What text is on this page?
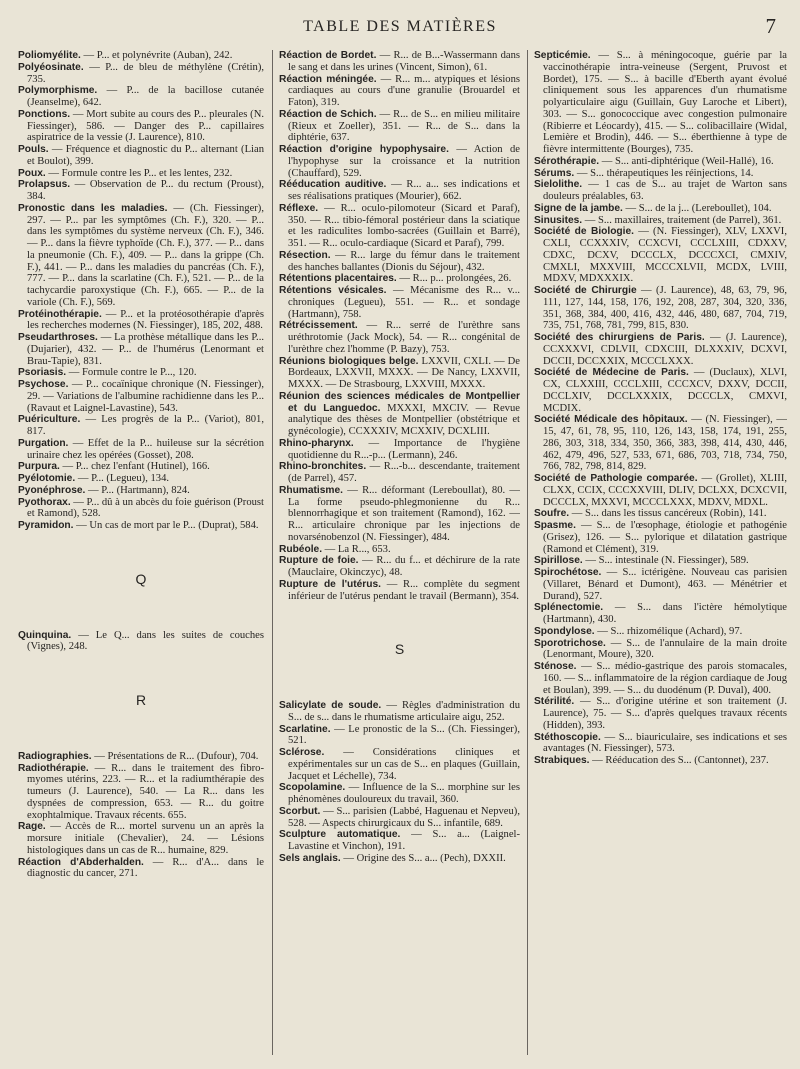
TABLE DES MATIÈRES	7

Poliomyélite. — P... et polynévrite (Auban), 242.

Polyéosinate. — P... de bleu de méthylène (Crétin), 735.

Polymorphisme. — P... de la bacillose cutanée (Jeanselme), 642.

Ponctions. — Mort subite au cours des P... pleurales (N. Fiessinger), 586. — Danger des P... capillaires aspiratrice de la vessie (J. Laurence), 810.

Pouls. — Fréquence et diagnostic du P... alternant (Lian et Boulot), 399.

Poux. — Formule contre les P... et les lentes, 232.

Prolapsus. — Observation de P... du rectum (Proust), 384.

Pronostic dans les maladies. — (Ch. Fiessinger), 297. — P... par les symptômes (Ch. F.), 320. — P... dans les symptômes du système nerveux (Ch. F.), 346. — P... dans la fièvre typhoïde (Ch. F.), 377. — P... dans la pneumonie (Ch. F.), 409. — P... dans la grippe (Ch. F.), 441. — P... dans les maladies du pancréas (Ch. F.), 777. — P... dans la scarlatine (Ch. F.), 521. — P... de la tachycardie paroxystique (Ch. F.), 665. — P... de la variole (Ch. F.), 569.

Protéinothérapie. — P... et la protéosothérapie d'après les recherches modernes (N. Fiessinger), 185, 202, 488.

Pseudarthroses. — La prothèse métallique dans les P... (Dujarier), 432. — P... de l'humérus (Lenormant et Brau-Tapie), 831.

Psoriasis. — Formule contre le P..., 120.

Psychose. — P... cocaïnique chronique (N. Fiessinger), 29. — Variations de l'albumine rachidienne dans les P... (Ravaut et Laignel-Lavastine), 543.

Puériculture. — Les progrès de la P... (Variot), 801, 817.

Purgation. — Effet de la P... huileuse sur la sécrétion urinaire chez les opérées (Gosset), 208.

Purpura. — P... chez l'enfant (Hutinel), 166.

Pyélotomie. — P... (Legueu), 134.

Pyonéphrose. — P... (Hartmann), 824.

Pyothorax. — P... dû à un abcès du foie guérison (Proust et Ramond), 528.

Pyramidon. — Un cas de mort par le P... (Duprat), 584.

Q

Quinquina. — Le Q... dans les suites de couches (Vignes), 248.

R

Radiographies. — Présentations de R... (Dufour), 704.

Radiothérapie. — R... dans le traitement des fibro-myomes utérins, 223. — R... et la radiumthérapie des tumeurs (J. Laurence), 540. — La R... dans les dyspnées de compression, 653. — R... du goitre exophtalmique. Travaux récents. 655.

Rage. — Accès de R... mortel survenu un an après la morsure initiale (Chevalier), 24. — Lésions histologiques dans un cas de R... humaine, 829.

Réaction d'Abderhalden. — R... d'A... dans le diagnostic du cancer, 271.

Réaction de Bordet. — R... de B...-Wassermann dans le sang et dans les urines (Vincent, Simon), 61.

Réaction méningée. — R... m... atypiques et lésions cardiaques au cours d'une granulie (Brouardel et Faton), 319.

Réaction de Schich. — R... de S... en milieu militaire (Rieux et Zoeller), 351. — R... de S... dans la diphtérie, 637.

Réaction d'origine hypophysaire. — Action de l'hypophyse sur la croissance et la nutrition (Chauffard), 529.

Rééducation auditive. — R... a... ses indications et ses réalisations pratiques (Mourier), 662.

Réflexe. — R... oculo-pilomoteur (Sicard et Paraf), 350. — R... tibio-fémoral postérieur dans la sciatique et les radiculites lombo-sacrées (Guillain et Barré), 351. — R... oculo-cardiaque (Sicard et Paraf), 799.

Résection. — R... large du fémur dans le traitement des hanches ballantes (Dionis du Séjour), 432.

Rétentions placentaires. — R... p... prolongées, 26.

Rétentions vésicales. — Mécanisme des R... v... chroniques (Legueu), 551. — R... et sondage (Hartmann), 758.

Rétrécissement. — R... serré de l'urèthre sans uréthrotomie (Jack Mock), 54. — R... congénital de l'urèthre chez l'homme (P. Bazy), 753.

Réunions biologiques belge. LXXVII, CXLI. — De Bordeaux, LXXVII, MXXX. — De Nancy, LXXVII, MXXX. — De Strasbourg, LXXVIII, MXXX.

Réunion des sciences médicales de Montpellier et du Languedoc. MXXXI, MXCIV. — Revue analytique des thèses de Montpellier (obstétrique et gynécologie), CCXXXIV, MCXXIV, DCXLIII.

Rhino-pharynx. — Importance de l'hygiène quotidienne du R...-p... (Lermann), 246.

Rhino-bronchites. — R...-b... descendante, traitement (de Parrel), 457.

Rhumatisme. — R... déformant (Lereboullat), 80. — La forme pseudo-phlegmonienne du R... blennorrhagique et son traitement (Ramond), 162. — R... articulaire chronique par les injections de novarsénobenzol (N. Fiessinger), 484.

Rubéole. — La R..., 653.

Rupture de foie. — R... du f... et déchirure de la rate (Mauclaire, Okinczyc), 48.

Rupture de l'utérus. — R... complète du segment inférieur de l'utérus pendant le travail (Bermann), 354.

S

Salicylate de soude. — Règles d'administration du S... de s... dans le rhumatisme articulaire aigu, 252.

Scarlatine. — Le pronostic de la S... (Ch. Fiessinger), 521.

Sclérose. — Considérations cliniques et expérimentales sur un cas de S... en plaques (Guillain, Jacquet et Léchelle), 734.

Scopolamine. — Influence de la S... morphine sur les phénomènes douloureux du travail, 360.

Scorbut. — S... parisien (Labbé, Haguenau et Nepveu), 528. — Aspects chirurgicaux du S... infantile, 689.

Sculpture automatique. — S... a... (Laignel-Lavastine et Vinchon), 191.

Sels anglais. — Origine des S... a... (Pech), DXXII.

Septicémie. — S... à méningocoque, guérie par la vaccinothérapie intra-veineuse (Sergent, Pruvost et Bordet), 175. — S... à bacille d'Eberth ayant évolué cliniquement sous les apparences d'un rhumatisme polyarticulaire aigu (Guillain, Guy Laroche et Libert), 303. — S... gonococcique avec congestion pulmonaire (Ribierre et Léocardy), 415. — S... colibacillaire (Widal, Lemière et Brodin), 446. — S... éberthienne à type de fièvre intermittente (Bourges), 735.

Sérothérapie. — S... anti-diphtérique (Weil-Hallé), 16.

Sérums. — S... thérapeutiques les réinjections, 14.

Sielolithe. — 1 cas de S... au trajet de Warton sans douleurs préalables, 63.

Signe de la jambe. — S... de la j... (Lereboullet), 104.

Sinusites. — S... maxillaires, traitement (de Parrel), 361.

Société de Biologie. — (N. Fiessinger), XLV, LXXVI, CXLI, CCXXXIV, CCXCVI, CCCLXIII, CDXXV, CDXC, DCXV, DCCCLX, DCCCXCI, CMXIV, CMXLI, MXXVIII, MCCCXLVII, MCDX, LVIII, MDXV, MDXXXIX.

Société de Chirurgie — (J. Laurence), 48, 63, 79, 96, 111, 127, 144, 158, 176, 192, 208, 287, 304, 320, 336, 351, 368, 384, 400, 416, 432, 446, 480, 687, 704, 719, 735, 751, 768, 781, 799, 815, 830.

Société des chirurgiens de Paris. — (J. Laurence), CCXXXVI, CDLVII, CDXCIII, DLXXXIV, DCXVI, DCCII, DCCXXIX, MCCCLXXX.

Société de Médecine de Paris. — (Duclaux), XLVI, CX, CLXXIII, CCCLXIII, CCCXCV, DXXV, DCCII, DCCLXIV, DCCLXXXIX, DCCCLX, CMXVI, MCDIX.

Société Médicale des hôpitaux. — (N. Fiessinger), — 15, 47, 61, 78, 95, 110, 126, 143, 158, 174, 191, 255, 286, 303, 318, 334, 350, 366, 383, 398, 414, 430, 446, 462, 479, 496, 527, 533, 671, 686, 703, 718, 734, 750, 766, 782, 798, 814, 829.

Société de Pathologie comparée. — (Grollet), XLIII, CLXX, CCIX, CCCXXVIII, DLIV, DCLXX, DCXCVII, DCCCLX, MXXVI, MCCCLXXX, MDXV, MDXL.

Soufre. — S... dans les tissus cancéreux (Robin), 141.

Spasme. — S... de l'œsophage, étiologie et pathogénie (Grisez), 126. — S... pylorique et dilatation gastrique (Ramond et Clément), 319.

Spirillose. — S... intestinale (N. Fiessinger), 589.

Spirochétose. — S... ictérigène. Nouveau cas parisien (Villaret, Bénard et Dumont), 463. — Ménétrier et Durand), 527.

Splénectomie. — S... dans l'ictère hémolytique (Hartmann), 430.

Spondylose. — S... rhizomélique (Achard), 97.

Sporotrichose. — S... de l'annulaire de la main droite (Lenormant, Moure), 320.

Sténose. — S... médio-gastrique des parois stomacales, 160. — S... inflammatoire de la région cardiaque de Joug et Boulan), 399. — S... du duodénum (P. Duval), 400.

Stérilité. — S... d'origine utérine et son traitement (J. Laurence), 75. — S... d'après quelques travaux récents (Hidden), 393.

Stéthoscopie. — S... biauriculaire, ses indications et ses avantages (N. Fiessinger), 573.

Strabiques. — Rééducation des S... (Cantonnet), 237.
